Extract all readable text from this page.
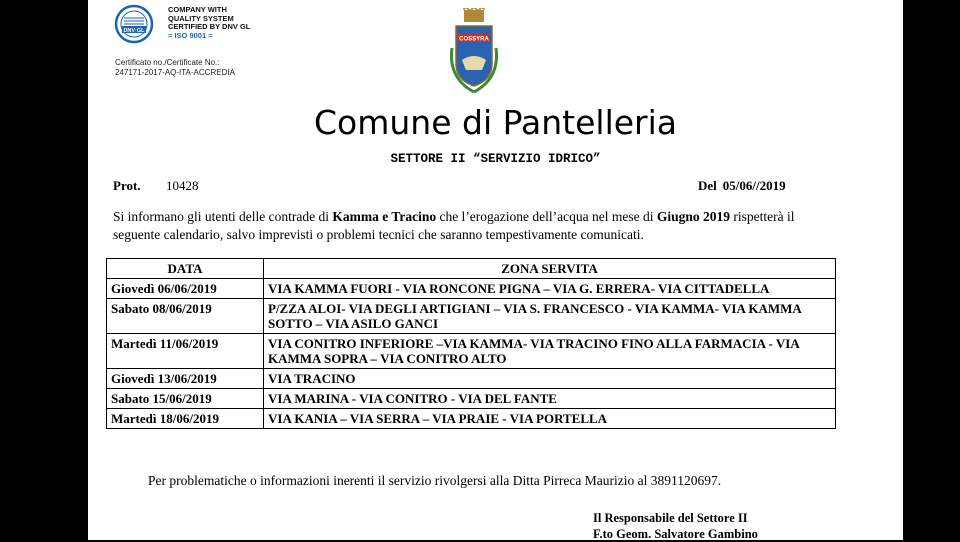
DNV·GL
COMPANY WITH
QUALITY SYSTEM
CERTIFIED BY DNV GL
= ISO 9001 =
Certificato no./Certificate No.:
247171-2017-AQ-ITA-ACCREDIA
COSSYRA
Comune di Pantelleria
SETTORE II “SERVIZIO IDRICO”
Prot. 10428	Del 05/06//2019
Si informano gli utenti delle contrade di Kamma e Tracino che l’erogazione dell’acqua nel mese di Giugno 2019 rispetterà il seguente calendario, salvo imprevisti o problemi tecnici che saranno tempestivamente comunicati.
DATA	ZONA SERVITA
Giovedì 06/06/2019	VIA KAMMA FUORI - VIA RONCONE PIGNA – VIA G. ERRERA- VIA CITTADELLA
Sabato 08/06/2019	P/ZZA ALOI- VIA DEGLI ARTIGIANI – VIA S. FRANCESCO - VIA KAMMA- VIA KAMMA SOTTO – VIA ASILO GANCI
Martedì 11/06/2019	VIA CONITRO INFERIORE –VIA KAMMA- VIA TRACINO FINO ALLA FARMACIA - VIA KAMMA SOPRA – VIA CONITRO ALTO
Giovedì 13/06/2019	VIA TRACINO
Sabato 15/06/2019	VIA MARINA - VIA CONITRO - VIA DEL FANTE
Martedì 18/06/2019	VIA KANIA – VIA SERRA – VIA PRAIE - VIA PORTELLA
Per problematiche o informazioni inerenti il servizio rivolgersi alla Ditta Pirreca Maurizio al 3891120697.
Il Responsabile del Settore II
F.to Geom. Salvatore Gambino
